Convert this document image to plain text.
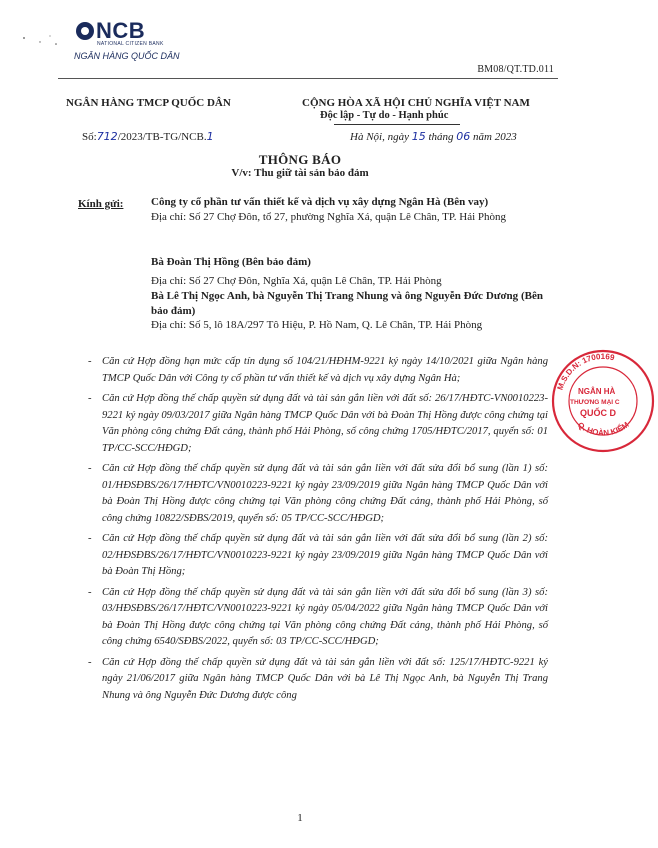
NCB
NATIONAL CITIZEN BANK
NGÂN HÀNG QUỐC DÂN
BM08/QT.TD.011
NGÂN HÀNG TMCP QUỐC DÂN	CỘNG HÒA XÃ HỘI CHỦ NGHĨA VIỆT NAM
Độc lập - Tự do - Hạnh phúc
Số:712/2023/TB-TG/NCB.1	Hà Nội, ngày 15 tháng 06 năm 2023
THÔNG BÁO
V/v: Thu giữ tài sản bảo đảm
Kính gửi:	Công ty cổ phần tư vấn thiết kế và dịch vụ xây dựng Ngân Hà (Bên vay)
Địa chỉ: Số 27 Chợ Đôn, tổ 27, phường Nghĩa Xá, quận Lê Chân, TP. Hải Phòng
Bà Đoàn Thị Hồng (Bên bảo đảm)
Địa chỉ: Số 27 Chợ Đôn, Nghĩa Xá, quận Lê Chân, TP. Hải Phòng
Bà Lê Thị Ngọc Anh, bà Nguyễn Thị Trang Nhung và ông Nguyễn Đức Dương (Bên bảo đảm)
Địa chỉ: Số 5, lô 18A/297 Tô Hiệu, P. Hồ Nam, Q. Lê Chân, TP. Hải Phòng
- Căn cứ Hợp đồng hạn mức cấp tín dụng số 104/21/HĐHM-9221 ký ngày 14/10/2021 giữa Ngân hàng TMCP Quốc Dân với Công ty cổ phần tư vấn thiết kế và dịch vụ xây dựng Ngân Hà;
- Căn cứ Hợp đồng thế chấp quyền sử dụng đất và tài sản gắn liền với đất số: 26/17/HĐTC-VN0010223-9221 ký ngày 09/03/2017 giữa Ngân hàng TMCP Quốc Dân với bà Đoàn Thị Hồng được công chứng tại Văn phòng công chứng Đất cảng, thành phố Hải Phòng, số công chứng 1705/HĐTC/2017, quyển số: 01 TP/CC-SCC/HĐGD;
- Căn cứ Hợp đồng thế chấp quyền sử dụng đất và tài sản gắn liền với đất sửa đổi bổ sung (lần 1) số: 01/HĐSĐBS/26/17/HĐTC/VN0010223-9221 ký ngày 23/09/2019 giữa Ngân hàng TMCP Quốc Dân với bà Đoàn Thị Hồng được công chứng tại Văn phòng công chứng Đất cảng, thành phố Hải Phòng, số công chứng 10822/SĐBS/2019, quyển số: 05 TP/CC-SCC/HĐGD;
- Căn cứ Hợp đồng thế chấp quyền sử dụng đất và tài sản gắn liền với đất sửa đổi bổ sung (lần 2) số: 02/HĐSĐBS/26/17/HĐTC/VN0010223-9221 ký ngày 23/09/2019 giữa Ngân hàng TMCP Quốc Dân với bà Đoàn Thị Hồng;
- Căn cứ Hợp đồng thế chấp quyền sử dụng đất và tài sản gắn liền với đất sửa đổi bổ sung (lần 3) số: 03/HĐSĐBS/26/17/HĐTC/VN0010223-9221 ký ngày 05/04/2022 giữa Ngân hàng TMCP Quốc Dân với bà Đoàn Thị Hồng được công chứng tại Văn phòng công chứng Đất cảng, thành phố Hải Phòng, số công chứng 6540/SĐBS/2022, quyển số: 03 TP/CC-SCC/HĐGD;
- Căn cứ Hợp đồng thế chấp quyền sử dụng đất và tài sản gắn liền với đất số: 125/17/HĐTC-9221 ký ngày 21/06/2017 giữa Ngân hàng TMCP Quốc Dân với bà Lê Thị Ngọc Anh, bà Nguyễn Thị Trang Nhung và ông Nguyễn Đức Dương được công
M.S.D.N: 1700169
Q. HOÀN KIẾM
NGÂN HÀ
THƯƠNG MẠI C
QUỐC D
1
